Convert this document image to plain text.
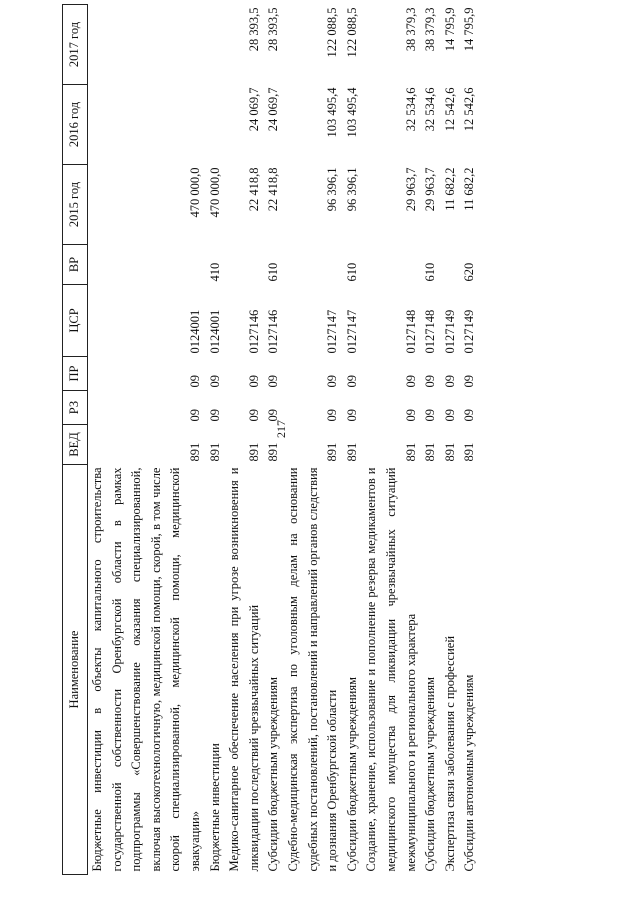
217
Наименование	ВЕД	РЗ	ПР	ЦСР	ВР	2015 год	2016 год	2017 год
Бюджетные инвестиции в объекты капитального строительства государственной собственности Оренбургской области в рамках подпрограммы «Совершенствование оказания специализированной, включая высокотехнологичную, медицинской помощи, скорой, в том числе скорой специализированной, медицинской помощи, медицинской эвакуации»	891	09	09	0124001		470 000,0		
Бюджетные инвестиции	891	09	09	0124001	410	470 000,0		
Медико-санитарное обеспечение населения при угрозе возникновения и ликвидации последствий чрезвычайных ситуаций	891	09	09	0127146		22 418,8	24 069,7	28 393,5
Субсидии бюджетным учреждениям	891	09	09	0127146	610	22 418,8	24 069,7	28 393,5
Судебно-медицинская экспертиза по уголовным делам на основании судебных постановлений, постановлений и направлений органов следствия и дознания Оренбургской области	891	09	09	0127147		96 396,1	103 495,4	122 088,5
Субсидии бюджетным учреждениям	891	09	09	0127147	610	96 396,1	103 495,4	122 088,5
Создание, хранение, использование и пополнение резерва медикаментов и медицинского имущества для ликвидации чрезвычайных ситуаций межмуниципального и регионального характера	891	09	09	0127148		29 963,7	32 534,6	38 379,3
Субсидии бюджетным учреждениям	891	09	09	0127148	610	29 963,7	32 534,6	38 379,3
Экспертиза связи заболевания с профессией	891	09	09	0127149		11 682,2	12 542,6	14 795,9
Субсидии автономным учреждениям	891	09	09	0127149	620	11 682,2	12 542,6	14 795,9
